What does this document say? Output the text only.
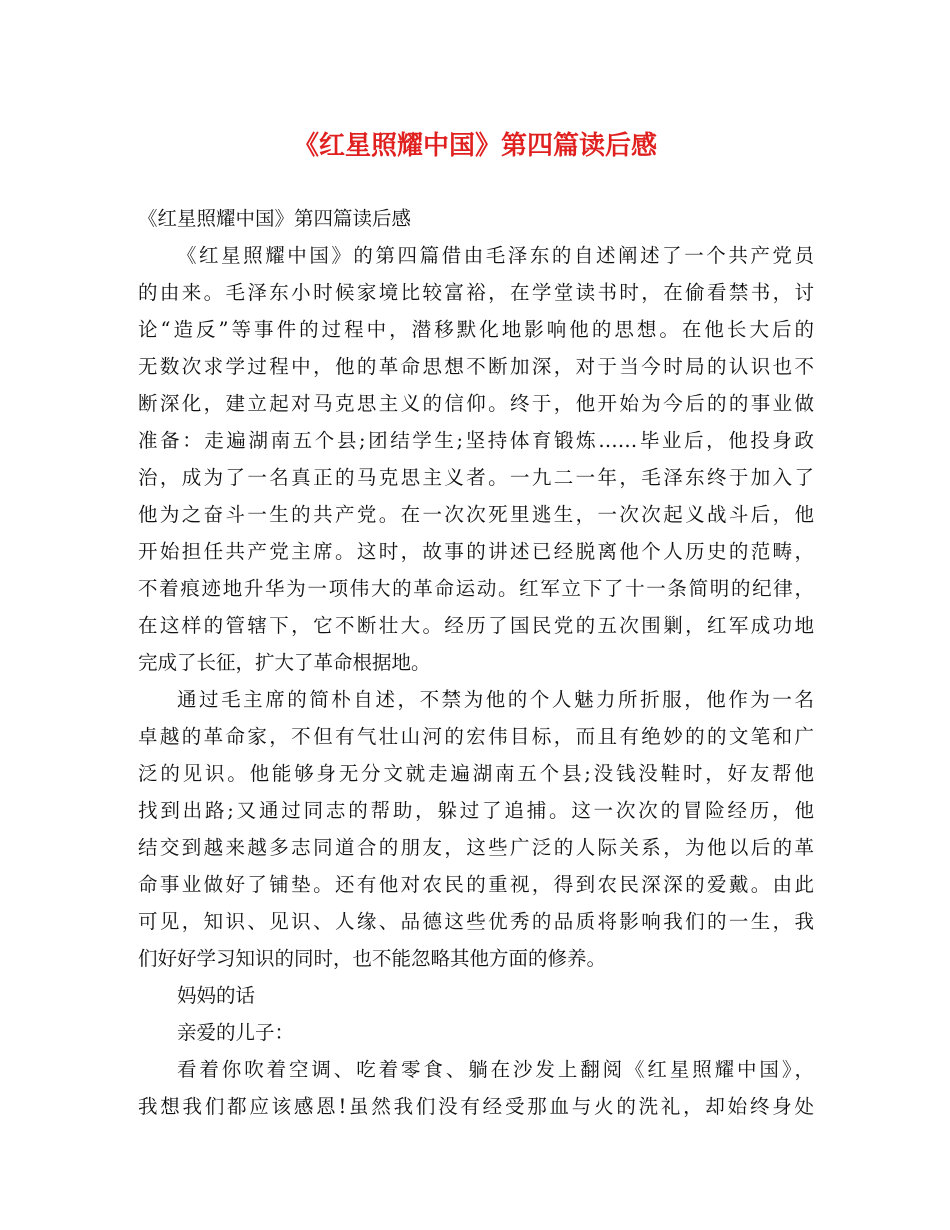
《红星照耀中国》第四篇读后感
《红星照耀中国》第四篇读后感
《红星照耀中国》的第四篇借由毛泽东的自述阐述了一个共产党员
的由来。毛泽东小时候家境比较富裕，在学堂读书时，在偷看禁书，讨
论“造反”等事件的过程中，潜移默化地影响他的思想。在他长大后的
无数次求学过程中，他的革命思想不断加深，对于当今时局的认识也不
断深化，建立起对马克思主义的信仰。终于，他开始为今后的的事业做
准备：走遍湖南五个县;团结学生;坚持体育锻炼……毕业后，他投身政
治，成为了一名真正的马克思主义者。一九二一年，毛泽东终于加入了
他为之奋斗一生的共产党。在一次次死里逃生，一次次起义战斗后，他
开始担任共产党主席。这时，故事的讲述已经脱离他个人历史的范畴，
不着痕迹地升华为一项伟大的革命运动。红军立下了十一条简明的纪律，
在这样的管辖下，它不断壮大。经历了国民党的五次围剿，红军成功地
完成了长征，扩大了革命根据地。
通过毛主席的简朴自述，不禁为他的个人魅力所折服，他作为一名
卓越的革命家，不但有气壮山河的宏伟目标，而且有绝妙的的文笔和广
泛的见识。他能够身无分文就走遍湖南五个县;没钱没鞋时，好友帮他
找到出路;又通过同志的帮助，躲过了追捕。这一次次的冒险经历，他
结交到越来越多志同道合的朋友，这些广泛的人际关系，为他以后的革
命事业做好了铺垫。还有他对农民的重视，得到农民深深的爱戴。由此
可见，知识、见识、人缘、品德这些优秀的品质将影响我们的一生，我
们好好学习知识的同时，也不能忽略其他方面的修养。
妈妈的话
亲爱的儿子：
看着你吹着空调、吃着零食、躺在沙发上翻阅《红星照耀中国》，
我想我们都应该感恩!虽然我们没有经受那血与火的洗礼，却始终身处
